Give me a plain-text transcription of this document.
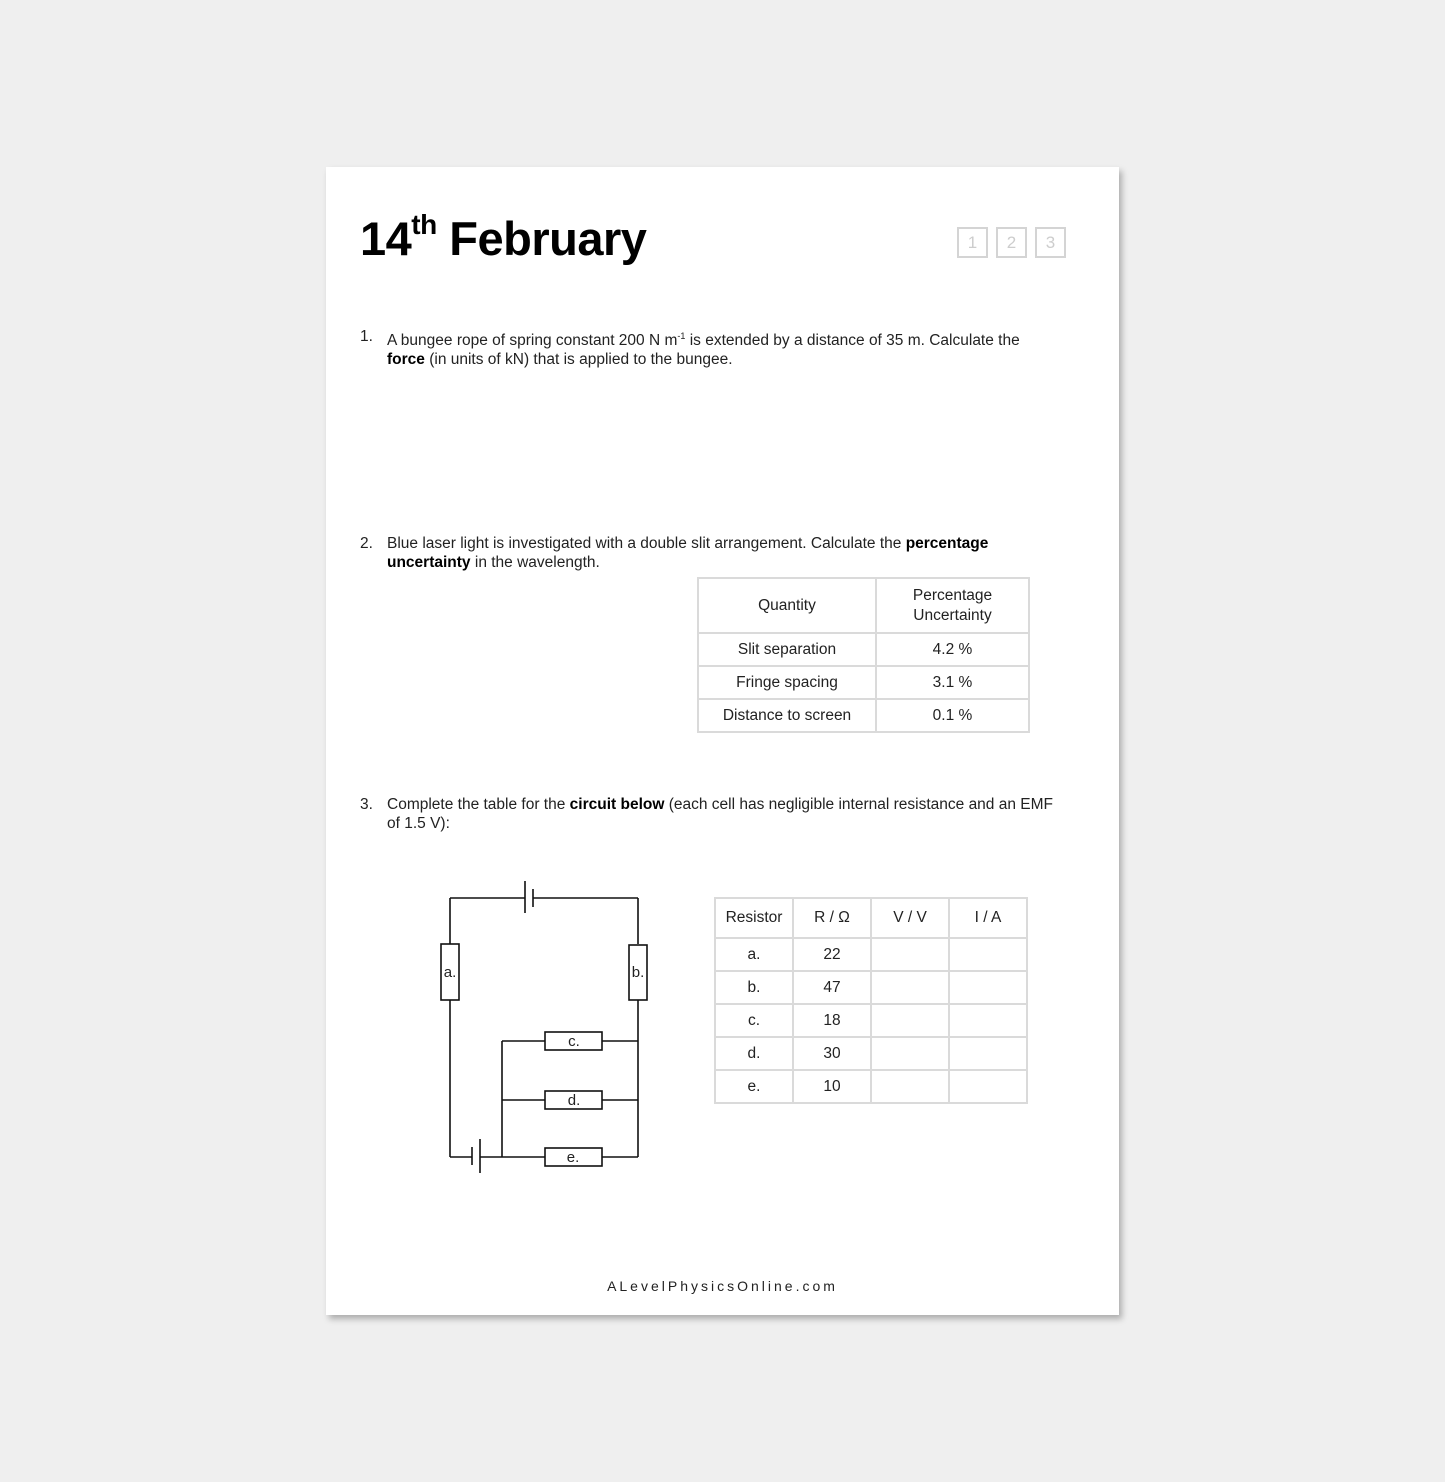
14th February	1	2	3
1. A bungee rope of spring constant 200 N $m^{-1}$ is extended by a distance of 35 m. Calculate the force (in units of kN) that is applied to the bungee.
2. Blue laser light is investigated with a double slit arrangement. Calculate the percentage uncertainty in the wavelength.
Quantity	Percentage Uncertainty
Slit separation	4.2 %
Fringe spacing	3.1 %
Distance to screen	0.1 %
3. Complete the table for the circuit below (each cell has negligible internal resistance and an EMF of 1.5 V):
a.	b.
c.
d.
e.
Resistor	R / Ω	V / V	I / A
a.	22		
b.	47		
c.	18		
d.	30		
e.	10		
ALevelPhysicsOnline.com
